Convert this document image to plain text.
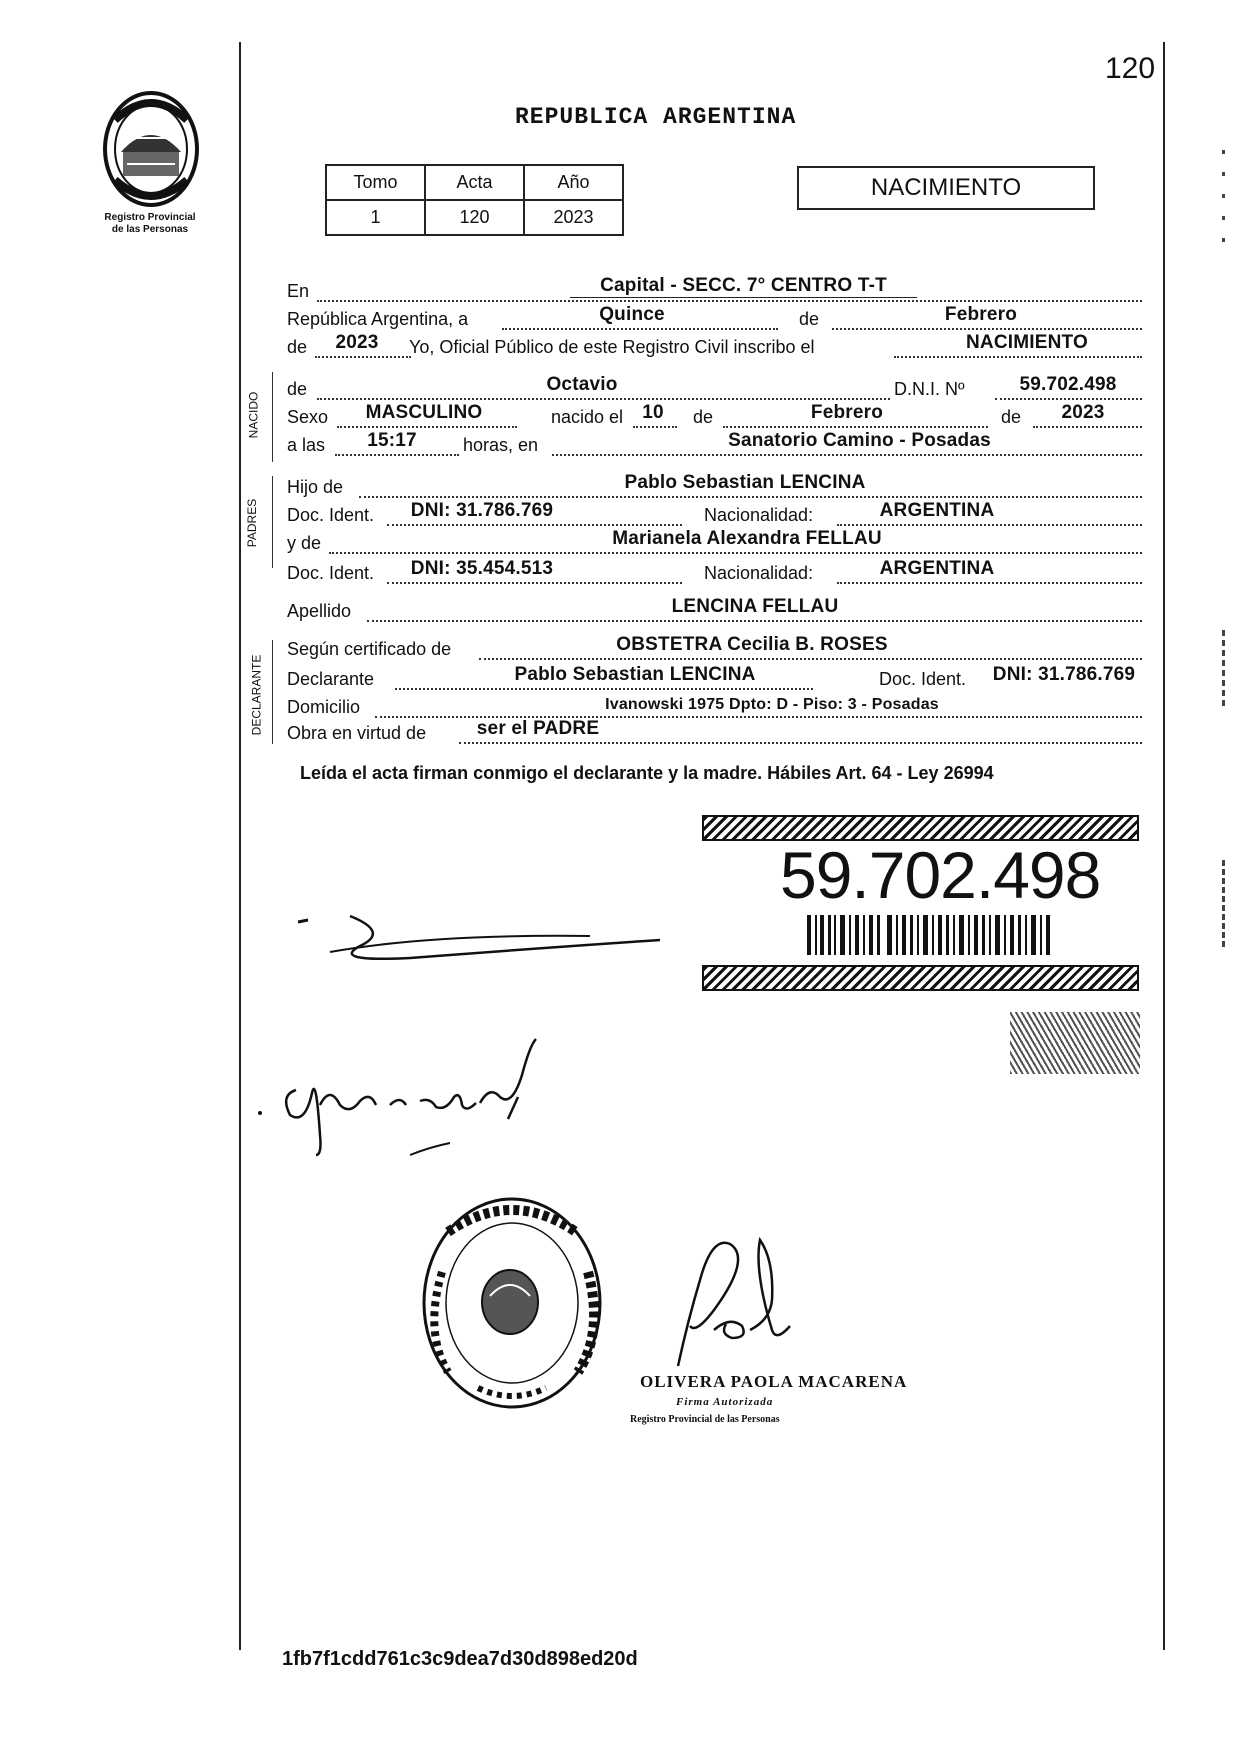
120
Registro Provincial
de las Personas
REPUBLICA ARGENTINA
Tomo	Acta	Año
1	120	2023
NACIMIENTO
En	Capital - SECC. 7° CENTRO T-T
República Argentina, a	Quince	de	Febrero
de	2023	Yo, Oficial Público de este Registro Civil inscribo el	NACIMIENTO
NACIDO
de	Octavio	D.N.I. Nº	59.702.498
Sexo	MASCULINO	nacido el	10	de	Febrero	de	2023
a las	15:17	horas, en	Sanatorio Camino - Posadas
PADRES
Hijo de	Pablo Sebastian LENCINA
Doc. Ident. DNI: 31.786.769	Nacionalidad:	ARGENTINA
y de	Marianela Alexandra FELLAU
Doc. Ident. DNI: 35.454.513	Nacionalidad:	ARGENTINA
Apellido	LENCINA FELLAU
DECLARANTE
Según certificado de	OBSTETRA Cecilia B. ROSES
Declarante	Pablo Sebastian LENCINA	Doc. Ident.	DNI: 31.786.769
Domicilio	Ivanowski 1975 Dpto: D - Piso: 3 - Posadas
Obra en virtud de	ser el PADRE
Leída el acta firman conmigo el declarante y la madre. Hábiles Art. 64 - Ley 26994
59.702.498
OLIVERA PAOLA MACARENA
Firma Autorizada
Registro Provincial de las Personas
1fb7f1cdd761c3c9dea7d30d898ed20d
